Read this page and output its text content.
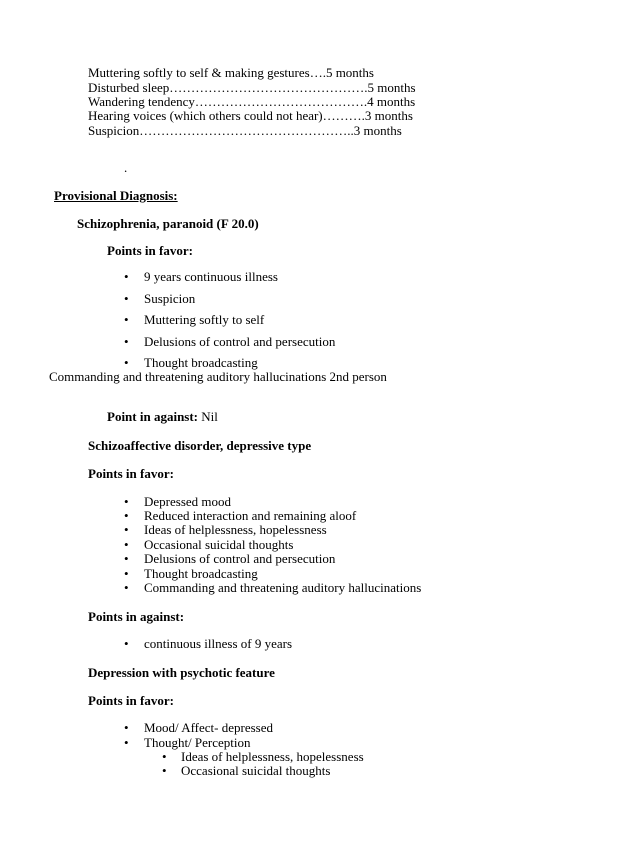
Muttering softly to self & making gestures….5 months
Disturbed sleep……………………………………….5 months
Wandering tendency………………………………….4 months
Hearing voices (which others could not hear)……….3 months
Suspicion…………………………………………..3 months
.
Provisional Diagnosis:
Schizophrenia, paranoid (F 20.0)
Points in favor:
• 9 years continuous illness
• Suspicion
• Muttering softly to self
• Delusions of control and persecution
• Thought broadcasting
Commanding and threatening auditory hallucinations 2nd person
Point in against: Nil
Schizoaffective disorder, depressive type
Points in favor:
• Depressed mood
• Reduced interaction and remaining aloof
• Ideas of helplessness, hopelessness
• Occasional suicidal thoughts
• Delusions of control and persecution
• Thought broadcasting
• Commanding and threatening auditory hallucinations
Points in against:
• continuous illness of 9 years
Depression with psychotic feature
Points in favor:
• Mood/ Affect- depressed
• Thought/ Perception
• Ideas of helplessness, hopelessness
• Occasional suicidal thoughts
